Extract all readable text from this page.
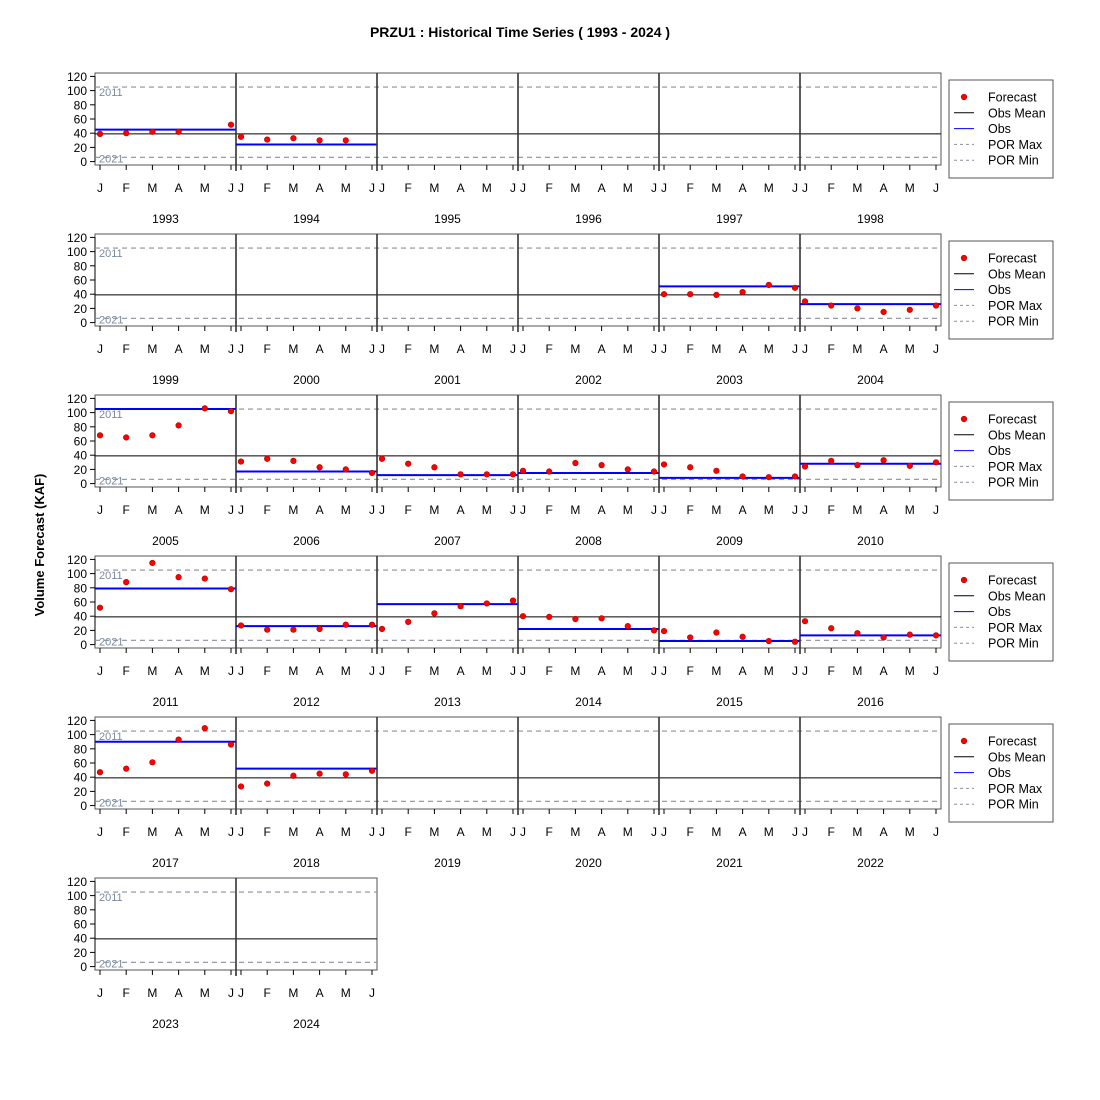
PRZU1 : Historical Time Series ( 1993 - 2024 )
Volume Forecast (KAF)
0
20
40
60
80
100
120
2011
2021
J F M A M J
1993
J F M A M J
1994
J F M A M J
1995
J F M A M J
1996
J F M A M J
1997
J F M A M J
1998
Forecast
Obs Mean
Obs
POR Max
POR Min
0
20
40
60
80
100
120
2011
2021
J F M A M J
1999
J F M A M J
2000
J F M A M J
2001
J F M A M J
2002
J F M A M J
2003
J F M A M J
2004
Forecast
Obs Mean
Obs
POR Max
POR Min
0
20
40
60
80
100
120
2011
2021
J F M A M J
2005
J F M A M J
2006
J F M A M J
2007
J F M A M J
2008
J F M A M J
2009
J F M A M J
2010
Forecast
Obs Mean
Obs
POR Max
POR Min
0
20
40
60
80
100
120
2011
2021
J F M A M J
2011
J F M A M J
2012
J F M A M J
2013
J F M A M J
2014
J F M A M J
2015
J F M A M J
2016
Forecast
Obs Mean
Obs
POR Max
POR Min
0
20
40
60
80
100
120
2011
2021
J F M A M J
2017
J F M A M J
2018
J F M A M J
2019
J F M A M J
2020
J F M A M J
2021
J F M A M J
2022
Forecast
Obs Mean
Obs
POR Max
POR Min
0
20
40
60
80
100
120
2011
2021
J F M A M J
2023
J F M A M J
2024
